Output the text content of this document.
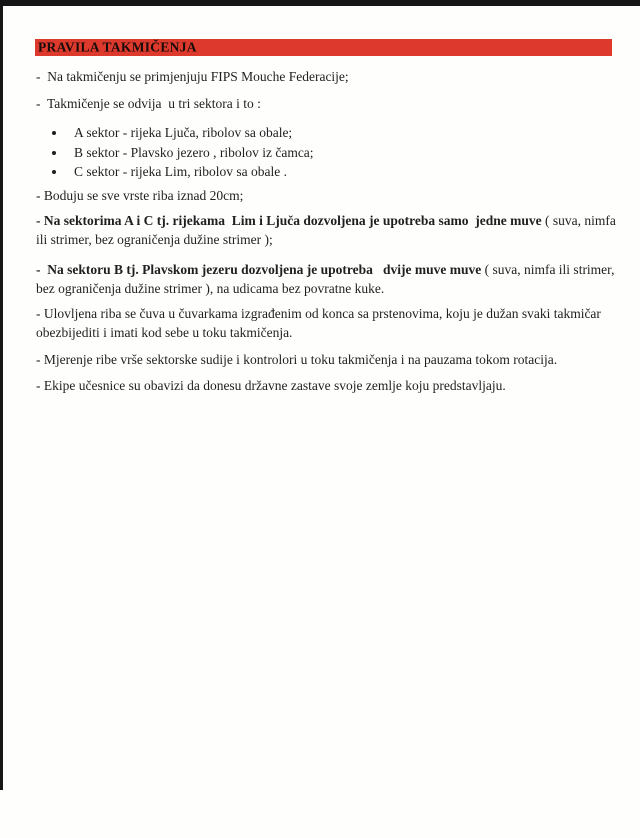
PRAVILA TAKMIČENJA

-  Na takmičenju se primjenjuju FIPS Mouche Federacije;

-  Takmičenje se odvija  u tri sektora i to :

• A sektor - rijeka Ljuča, ribolov sa obale;
• B sektor - Plavsko jezero , ribolov iz čamca;
• C sektor - rijeka Lim, ribolov sa obale .

- Boduju se sve vrste riba iznad 20cm;

- Na sektorima A i C tj. rijekama  Lim i Ljuča dozvoljena je upotreba samo  jedne muve ( suva, nimfa ili strimer, bez ograničenja dužine strimer );

-  Na sektoru B tj. Plavskom jezeru dozvoljena je upotreba   dvije muve muve ( suva, nimfa ili strimer, bez ograničenja dužine strimer ), na udicama bez povratne kuke.

- Ulovljena riba se čuva u čuvarkama izgrađenim od konca sa prstenovima, koju je dužan svaki takmičar obezbijediti i imati kod sebe u toku takmičenja.

- Mjerenje ribe vrše sektorske sudije i kontrolori u toku takmičenja i na pauzama tokom rotacija.

- Ekipe učesnice su obavizi da donesu državne zastave svoje zemlje koju predstavljaju.
